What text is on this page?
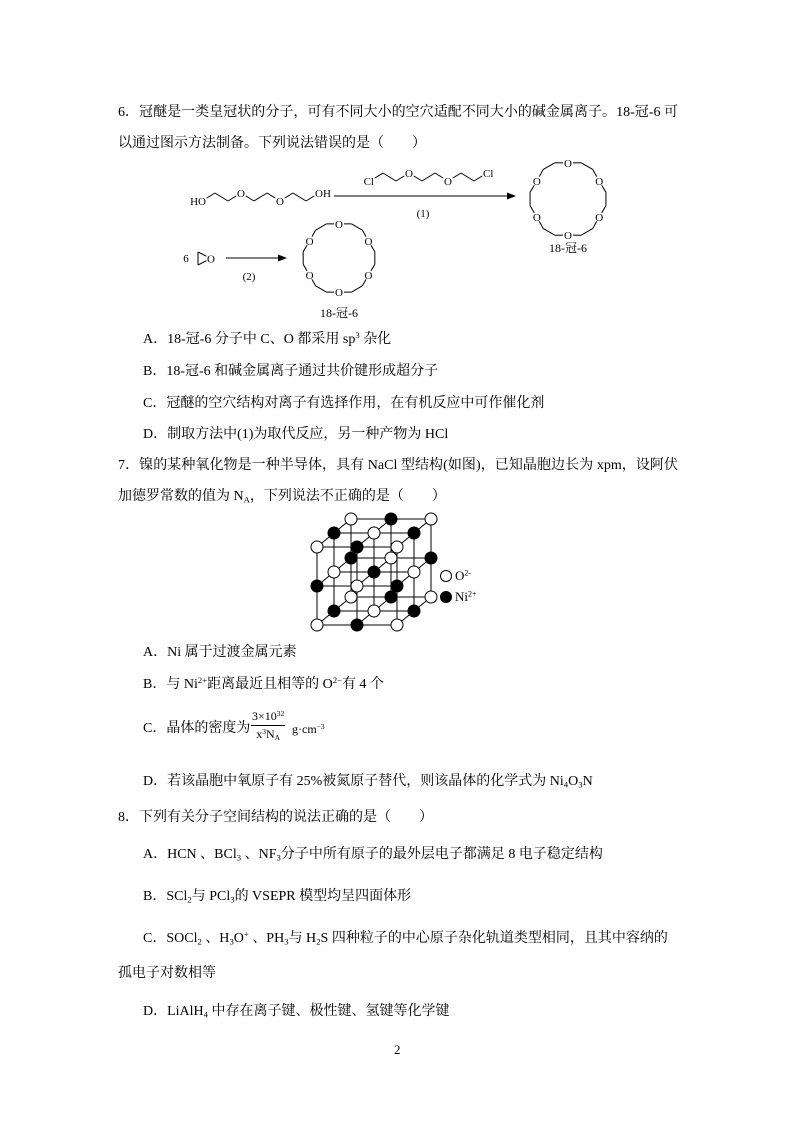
6．冠醚是一类皇冠状的分子，可有不同大小的空穴适配不同大小的碱金属离子。18-冠-6 可
以通过图示方法制备。下列说法错误的是（　　）
HO
O
O
OH
Cl
O
O
Cl
(1)
O
O
O
O
O
O
18-冠-6
6 O
(2)
O
O
O
O
O
O
18-冠-6
A．18-冠-6 分子中 C、O 都采用 $sp^3$ 杂化
B．18-冠-6 和碱金属离子通过共价键形成超分子
C．冠醚的空穴结构对离子有选择作用，在有机反应中可作催化剂
D．制取方法中(1)为取代反应，另一种产物为 HCl
7．镍的某种氧化物是一种半导体，具有 NaCl 型结构(如图)，已知晶胞边长为 xpm，设阿伏
加德罗常数的值为 $N_A$，下列说法不正确的是（　　）
$O^{2-}$
$Ni^{2+}$
A．Ni 属于过渡金属元素
B．与 $Ni^{2+}$距离最近且相等的 $O^{2-}$有 4 个
C．晶体的密度为 $\frac{3\times 10^{32}}{x^3N_A} g\cdot cm^{-3}$
D．若该晶胞中氧原子有 25%被氮原子替代，则该晶体的化学式为 $Ni_4O_3N$
8．下列有关分子空间结构的说法正确的是（　　）
A．HCN 、BCl$_3$ 、$NF_3$分子中所有原子的最外层电子都满足 8 电子稳定结构
B．SCl$_2$与 PCl$_3$的 VSEPR 模型均呈四面体形
C．SOCl$_2$ 、$H_3O^+$ 、$PH_3$与 $H_2S$ 四种粒子的中心原子杂化轨道类型相同，且其中容纳的
孤电子对数相等
D．LiAlH$_4$ 中存在离子键、极性键、氢键等化学键
2
